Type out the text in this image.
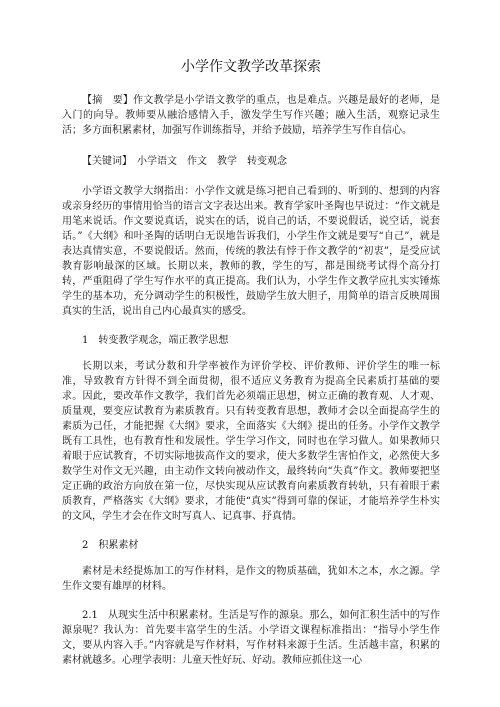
小学作文教学改革探索

【摘　要】作文教学是小学语文教学的重点，也是难点。兴趣是最好的老师，是入门的向导。教师要从融洽感情入手，激发学生写作兴趣；融入生活，观察记录生活；多方面积累素材，加强写作训练指导，并给予鼓励，培养学生写作自信心。

【关键词】　小学语文　作文　教学　转变观念

小学语文教学大纲指出：小学作文就是练习把自己看到的、听到的、想到的内容或亲身经历的事情用恰当的语言文字表达出来。教育学家叶圣陶也早说过：“作文就是用笔来说话。作文要说真话，说实在的话，说自己的话，不要说假话，说空话，说套话。”《大纲》和叶圣陶的话明白无误地告诉我们，小学生作文就是要写“自己”，就是表达真情实意，不要说假话。然而，传统的教法有悖于作文教学的“初衷”，是受应试教育影响最深的区域。长期以来，教师的教，学生的写，都是围绕考试得个高分打转，严重阻碍了学生写作水平的真正提高。我们认为，小学生作文教学应扎实实锤炼学生的基本功，充分调动学生的积极性，鼓励学生放大胆子，用简单的语言反映周围真实的生活，说出自己内心最真实的感受。

1　转变教学观念，端正教学思想

长期以来，考试分数和升学率被作为评价学校、评价教师、评价学生的唯一标准，导致教育方针得不到全面贯彻，很不适应义务教育为提高全民素质打基础的要求。因此，要改革作文教学，我们首先必须端正思想，树立正确的教育观、人才观、质量观，要变应试教育为素质教育。只有转变教育思想，教师才会以全面提高学生的素质为己任，才能把握《大纲》要求，全面落实《大纲》提出的任务。小学作文教学既有工具性，也有教育性和发展性。学生学习作文，同时也在学习做人。如果教师只着眼于应试教育，不切实际地拔高作文的要求，使大多数学生害怕作文，必然使大多数学生对作文无兴趣，由主动作文转向被动作文，最终转向“失真”作文。教师要把坚定正确的政治方向放在第一位，尽快实现从应试教育向素质教育转轨，只有着眼于素质教育，严格落实《大纲》要求，才能使“真实”得到可靠的保证，才能培养学生朴实的文风，学生才会在作文时写真人、记真事、抒真情。

2　积累素材

素材是未经提炼加工的写作材料，是作文的物质基础，犹如木之本，水之源。学生作文要有雄厚的材料。

2.1　从现实生活中积累素材。生活是写作的源泉。那么，如何汇积生活中的写作源泉呢？我认为：首先要丰富学生的生活。小学语文课程标准指出：“指导小学生作文，要从内容入手。”内容就是写作材料，写作材料来源于生活。生活越丰富，积累的素材就越多。心理学表明：儿童天性好玩、好动。教师应抓住这一心
